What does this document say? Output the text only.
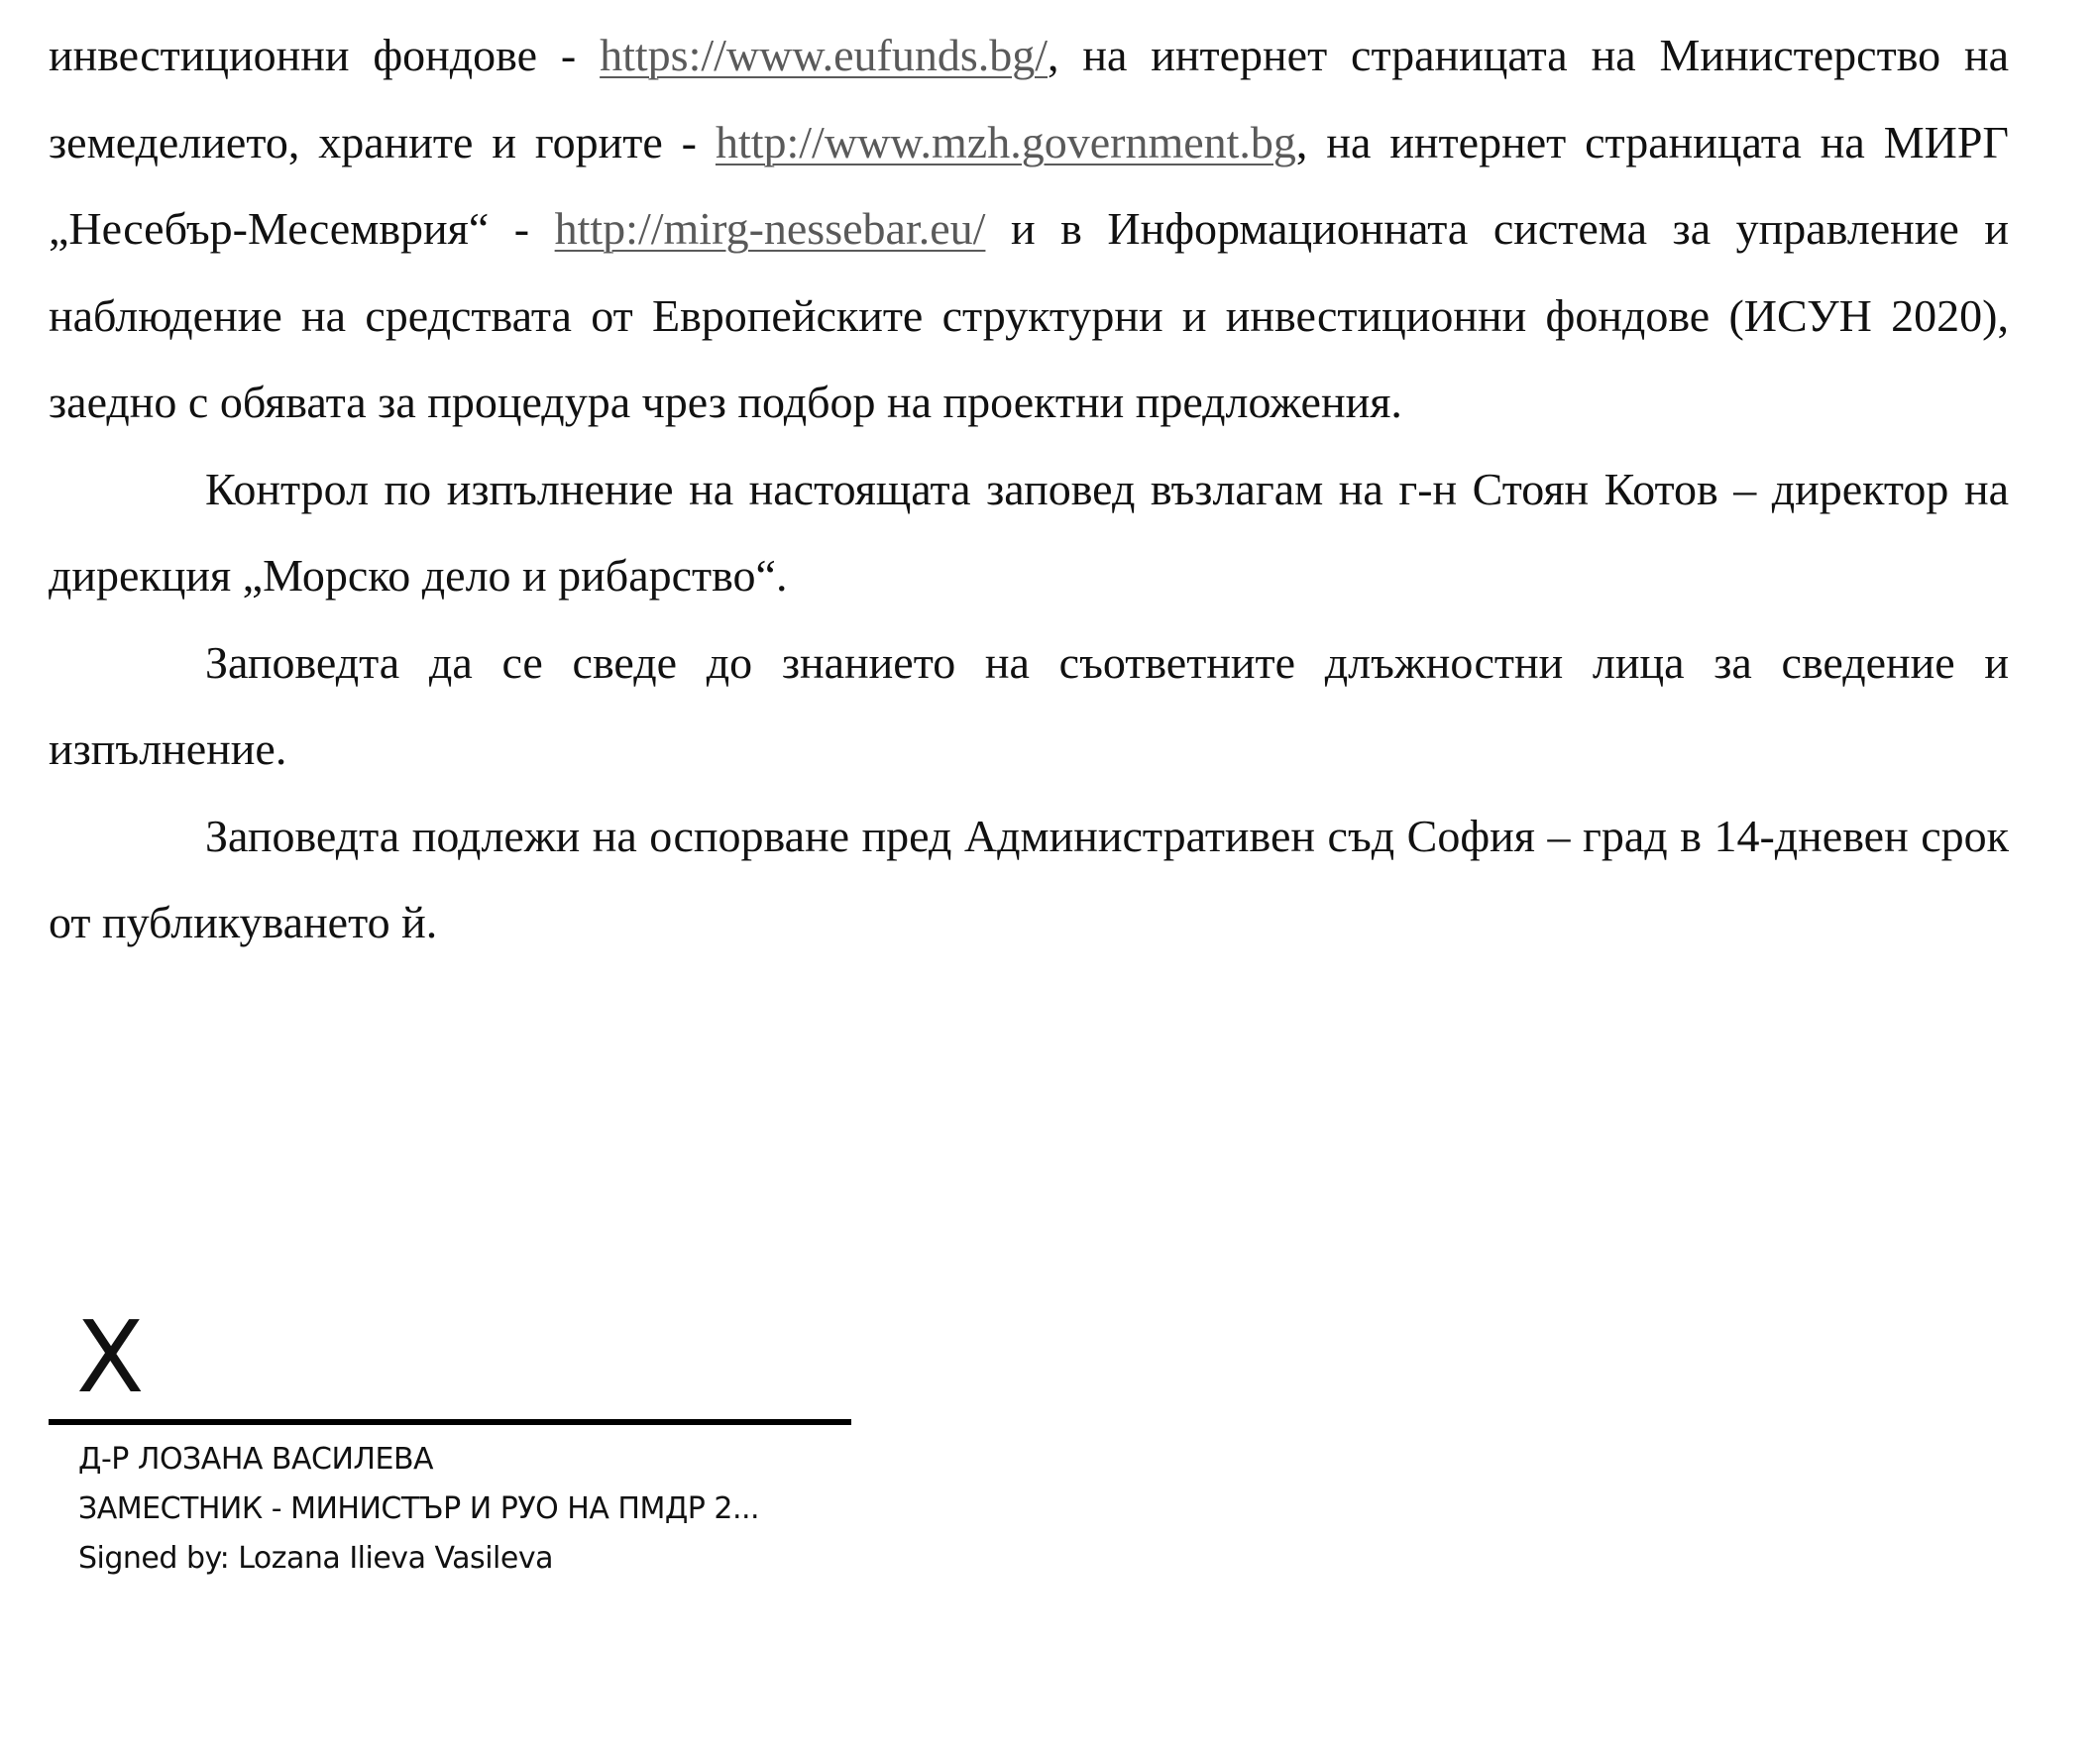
инвестиционни фондове - https://www.eufunds.bg/, на интернет страницата на Министерство на земеделието, храните и горите - http://www.mzh.government.bg, на интернет страницата на МИРГ „Несебър-Месемврия“ - http://mirg-nessebar.eu/ и в Информационната система за управление и наблюдение на средствата от Европейските структурни и инвестиционни фондове (ИСУН 2020), заедно с обявата за процедура чрез подбор на проектни предложения.

Контрол по изпълнение на настоящата заповед възлагам на г-н Стоян Котов – директор на дирекция „Морско дело и рибарство“.

Заповедта да се сведе до знанието на съответните длъжностни лица за сведение и изпълнение.

Заповедта подлежи на оспорване пред Административен съд София – град в 14-дневен срок от публикуването й.

X
Д-Р ЛОЗАНА ВАСИЛЕВА
ЗАМЕСТНИК - МИНИСТЪР И РУО НА ПМДР 2...
Signed by: Lozana Ilieva Vasileva
